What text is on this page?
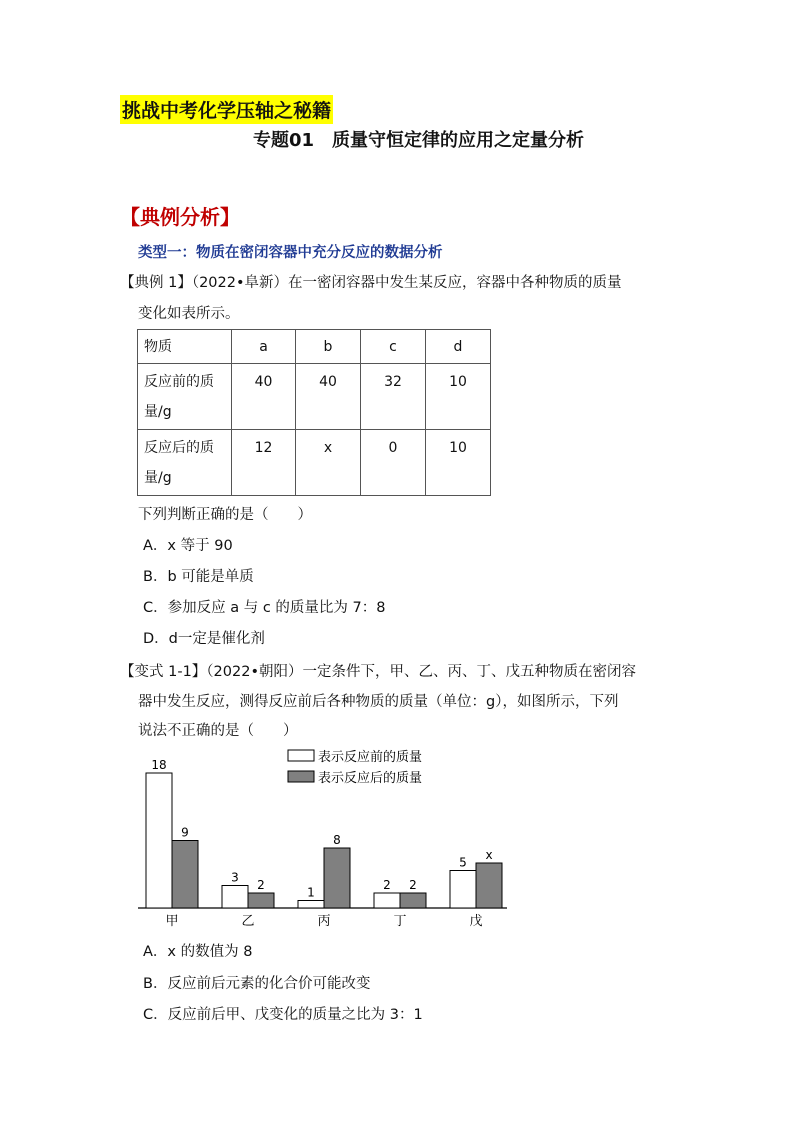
挑战中考化学压轴之秘籍
专题01　质量守恒定律的应用之定量分析
【典例分析】
类型一：物质在密闭容器中充分反应的数据分析
【典例 1】（2022•阜新）在一密闭容器中发生某反应，容器中各种物质的质量
变化如表所示。
物质	a	b	c	d

反应前的质
量/g	40	40	32	10

反应后的质
量/g	12	x	0	10
下列判断正确的是（　　）
A．x 等于 90
B．b 可能是单质
C．参加反应 a 与 c 的质量比为 7：8
D．d一定是催化剂
【变式 1-1】（2022•朝阳）一定条件下，甲、乙、丙、丁、戊五种物质在密闭容
器中发生反应，测得反应前后各种物质的质量（单位：g），如图所示，下列
说法不正确的是（　　）
18
9
甲
3
2
乙
1
8
丙
2 2
丁
5
x
戊
表示反应前的质量
表示反应后的质量
A．x 的数值为 8
B．反应前后元素的化合价可能改变
C．反应前后甲、戊变化的质量之比为 3：1
